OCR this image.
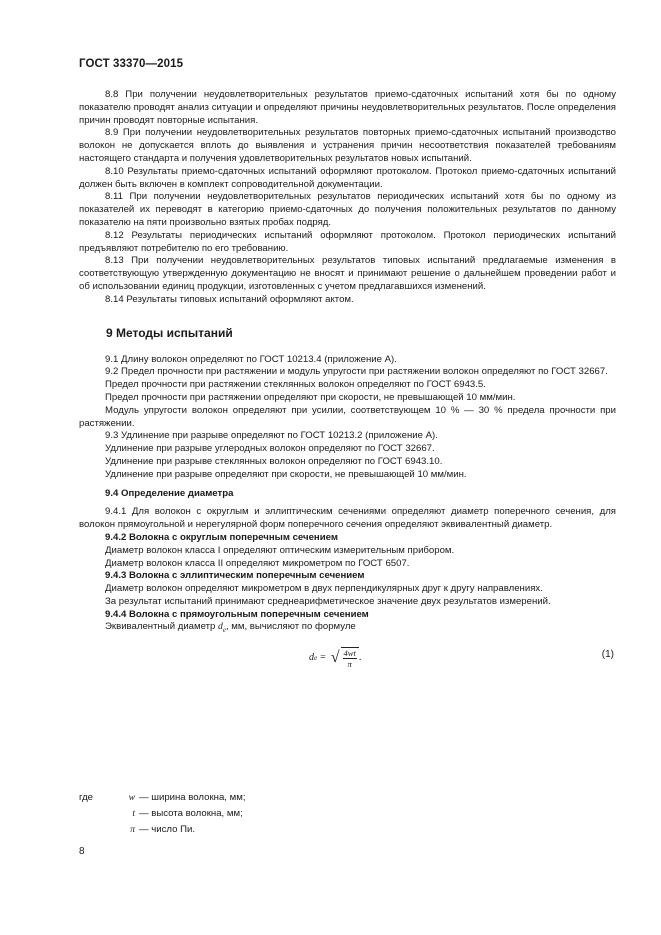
ГОСТ 33370—2015

8.8 При получении неудовлетворительных результатов приемо-сдаточных испытаний хотя бы по одному показателю проводят анализ ситуации и определяют причины неудовлетворительных результатов. После определения причин проводят повторные испытания.

8.9 При получении неудовлетворительных результатов повторных приемо-сдаточных испытаний производство волокон не допускается вплоть до выявления и устранения причин несоответствия показателей требованиям настоящего стандарта и получения удовлетворительных результатов новых испытаний.

8.10 Результаты приемо-сдаточных испытаний оформляют протоколом. Протокол приемо-сдаточных испытаний должен быть включен в комплект сопроводительной документации.

8.11 При получении неудовлетворительных результатов периодических испытаний хотя бы по одному из показателей их переводят в категорию приемо-сдаточных до получения положительных результатов по данному показателю на пяти произвольно взятых пробах подряд.

8.12 Результаты периодических испытаний оформляют протоколом. Протокол периодических испытаний предъявляют потребителю по его требованию.

8.13 При получении неудовлетворительных результатов типовых испытаний предлагаемые изменения в соответствующую утвержденную документацию не вносят и принимают решение о дальнейшем проведении работ и об использовании единиц продукции, изготовленных с учетом предлагавшихся изменений.

8.14 Результаты типовых испытаний оформляют актом.

9 Методы испытаний

9.1 Длину волокон определяют по ГОСТ 10213.4 (приложение А).

9.2 Предел прочности при растяжении и модуль упругости при растяжении волокон определяют по ГОСТ 32667.

Предел прочности при растяжении стеклянных волокон определяют по ГОСТ 6943.5.

Предел прочности при растяжении определяют при скорости, не превышающей 10 мм/мин.

Модуль упругости волокон определяют при усилии, соответствующем 10 % — 30 % предела прочности при растяжении.

9.3 Удлинение при разрыве определяют по ГОСТ 10213.2 (приложение А).

Удлинение при разрыве углеродных волокон определяют по ГОСТ 32667.

Удлинение при разрыве стеклянных волокон определяют по ГОСТ 6943.10.

Удлинение при разрыве определяют при скорости, не превышающей 10 мм/мин.

9.4 Определение диаметра

9.4.1 Для волокон с округлым и эллиптическим сечениями определяют диаметр поперечного сечения, для волокон прямоугольной и нерегулярной форм поперечного сечения определяют эквивалентный диаметр.

9.4.2 Волокна с округлым поперечным сечением

Диаметр волокон класса I определяют оптическим измерительным прибором.

Диаметр волокон класса II определяют микрометром по ГОСТ 6507.

9.4.3 Волокна с эллиптическим поперечным сечением

Диаметр волокон определяют микрометром в двух перпендикулярных друг к другу направлениях.

За результат испытаний принимают среднеарифметическое значение двух результатов измерений.

9.4.4 Волокна с прямоугольным поперечным сечением

Эквивалентный диаметр $d_e$, мм, вычисляют по формуле

d e = √ $\frac{4wt}{\pi}$ .	(1)
где	w — ширина волокна, мм;
t — высота волокна, мм;
π — число Пи.
8
